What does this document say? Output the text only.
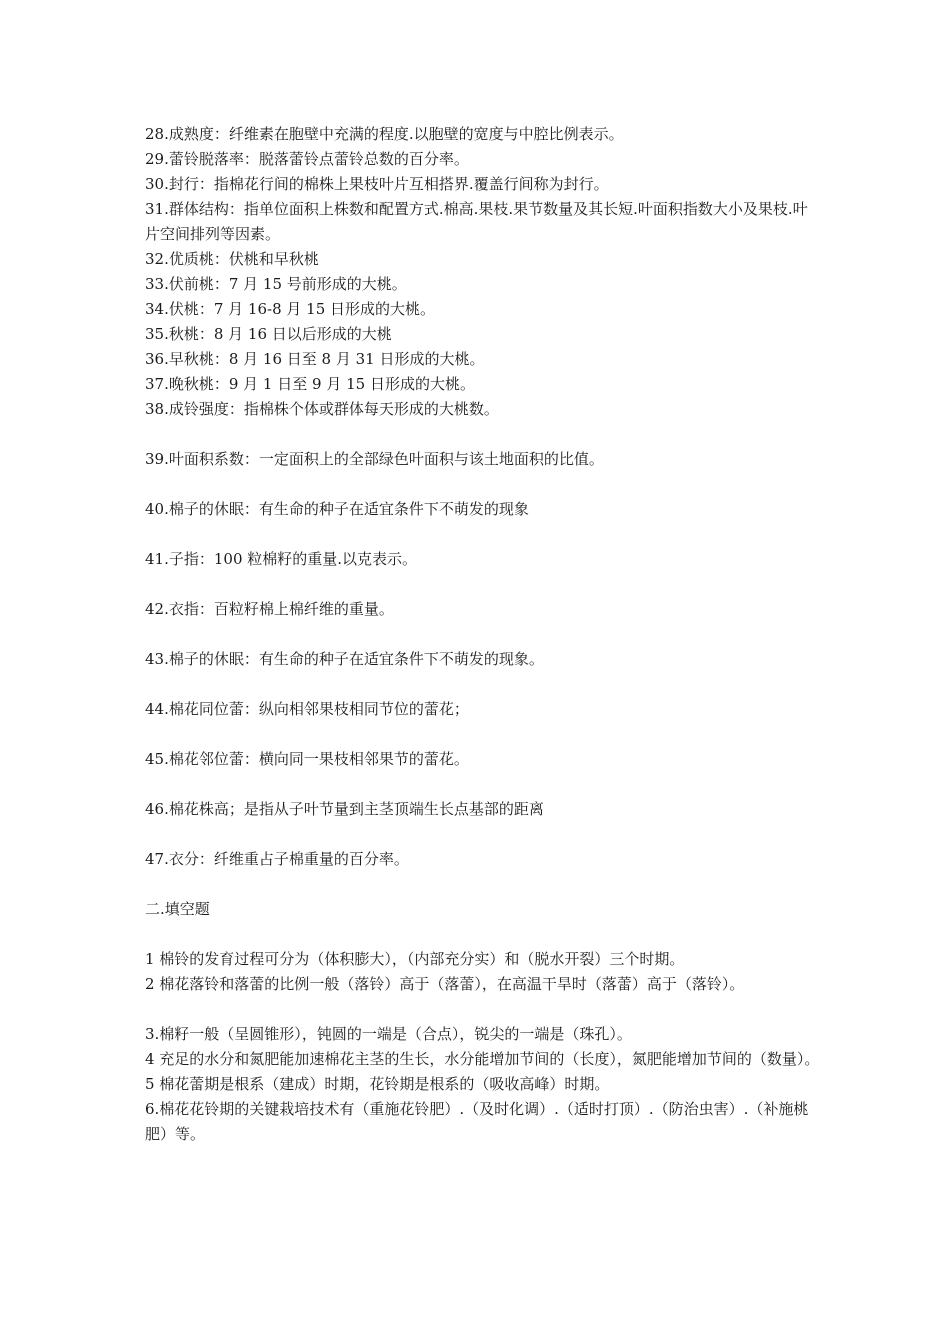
28.成熟度：纤维素在胞壁中充满的程度.以胞壁的宽度与中腔比例表示。

29.蕾铃脱落率：脱落蕾铃点蕾铃总数的百分率。

30.封行：指棉花行间的棉株上果枝叶片互相搭界.覆盖行间称为封行。

31.群体结构：指单位面积上株数和配置方式.棉高.果枝.果节数量及其长短.叶面积指数大小及果枝.叶片空间排列等因素。

32.优质桃：伏桃和早秋桃

33.伏前桃：7 月 15 号前形成的大桃。

34.伏桃：7 月 16-8 月 15 日形成的大桃。

35.秋桃：8 月 16 日以后形成的大桃

36.早秋桃：8 月 16 日至 8 月 31 日形成的大桃。

37.晚秋桃：9 月 1 日至 9 月 15 日形成的大桃。

38.成铃强度：指棉株个体或群体每天形成的大桃数。

39.叶面积系数：一定面积上的全部绿色叶面积与该土地面积的比值。

40.棉子的休眠：有生命的种子在适宜条件下不萌发的现象

41.子指：100 粒棉籽的重量.以克表示。

42.衣指：百粒籽棉上棉纤维的重量。

43.棉子的休眠：有生命的种子在适宜条件下不萌发的现象。

44.棉花同位蕾：纵向相邻果枝相同节位的蕾花；

45.棉花邻位蕾：横向同一果枝相邻果节的蕾花。

46.棉花株高；是指从子叶节量到主茎顶端生长点基部的距离

47.衣分：纤维重占子棉重量的百分率。

二.填空题

1 棉铃的发育过程可分为（体积膨大），（内部充分实）和（脱水开裂）三个时期。

2 棉花落铃和落蕾的比例一般（落铃）高于（落蕾），在高温干旱时（落蕾）高于（落铃）。

3.棉籽一般（呈圆锥形），钝圆的一端是（合点），锐尖的一端是（珠孔）。

4 充足的水分和氮肥能加速棉花主茎的生长，水分能增加节间的（长度），氮肥能增加节间的（数量）。

5 棉花蕾期是根系（建成）时期，花铃期是根系的（吸收高峰）时期。

6.棉花花铃期的关键栽培技术有（重施花铃肥）.（及时化调）.（适时打顶）.（防治虫害）.（补施桃肥）等。
